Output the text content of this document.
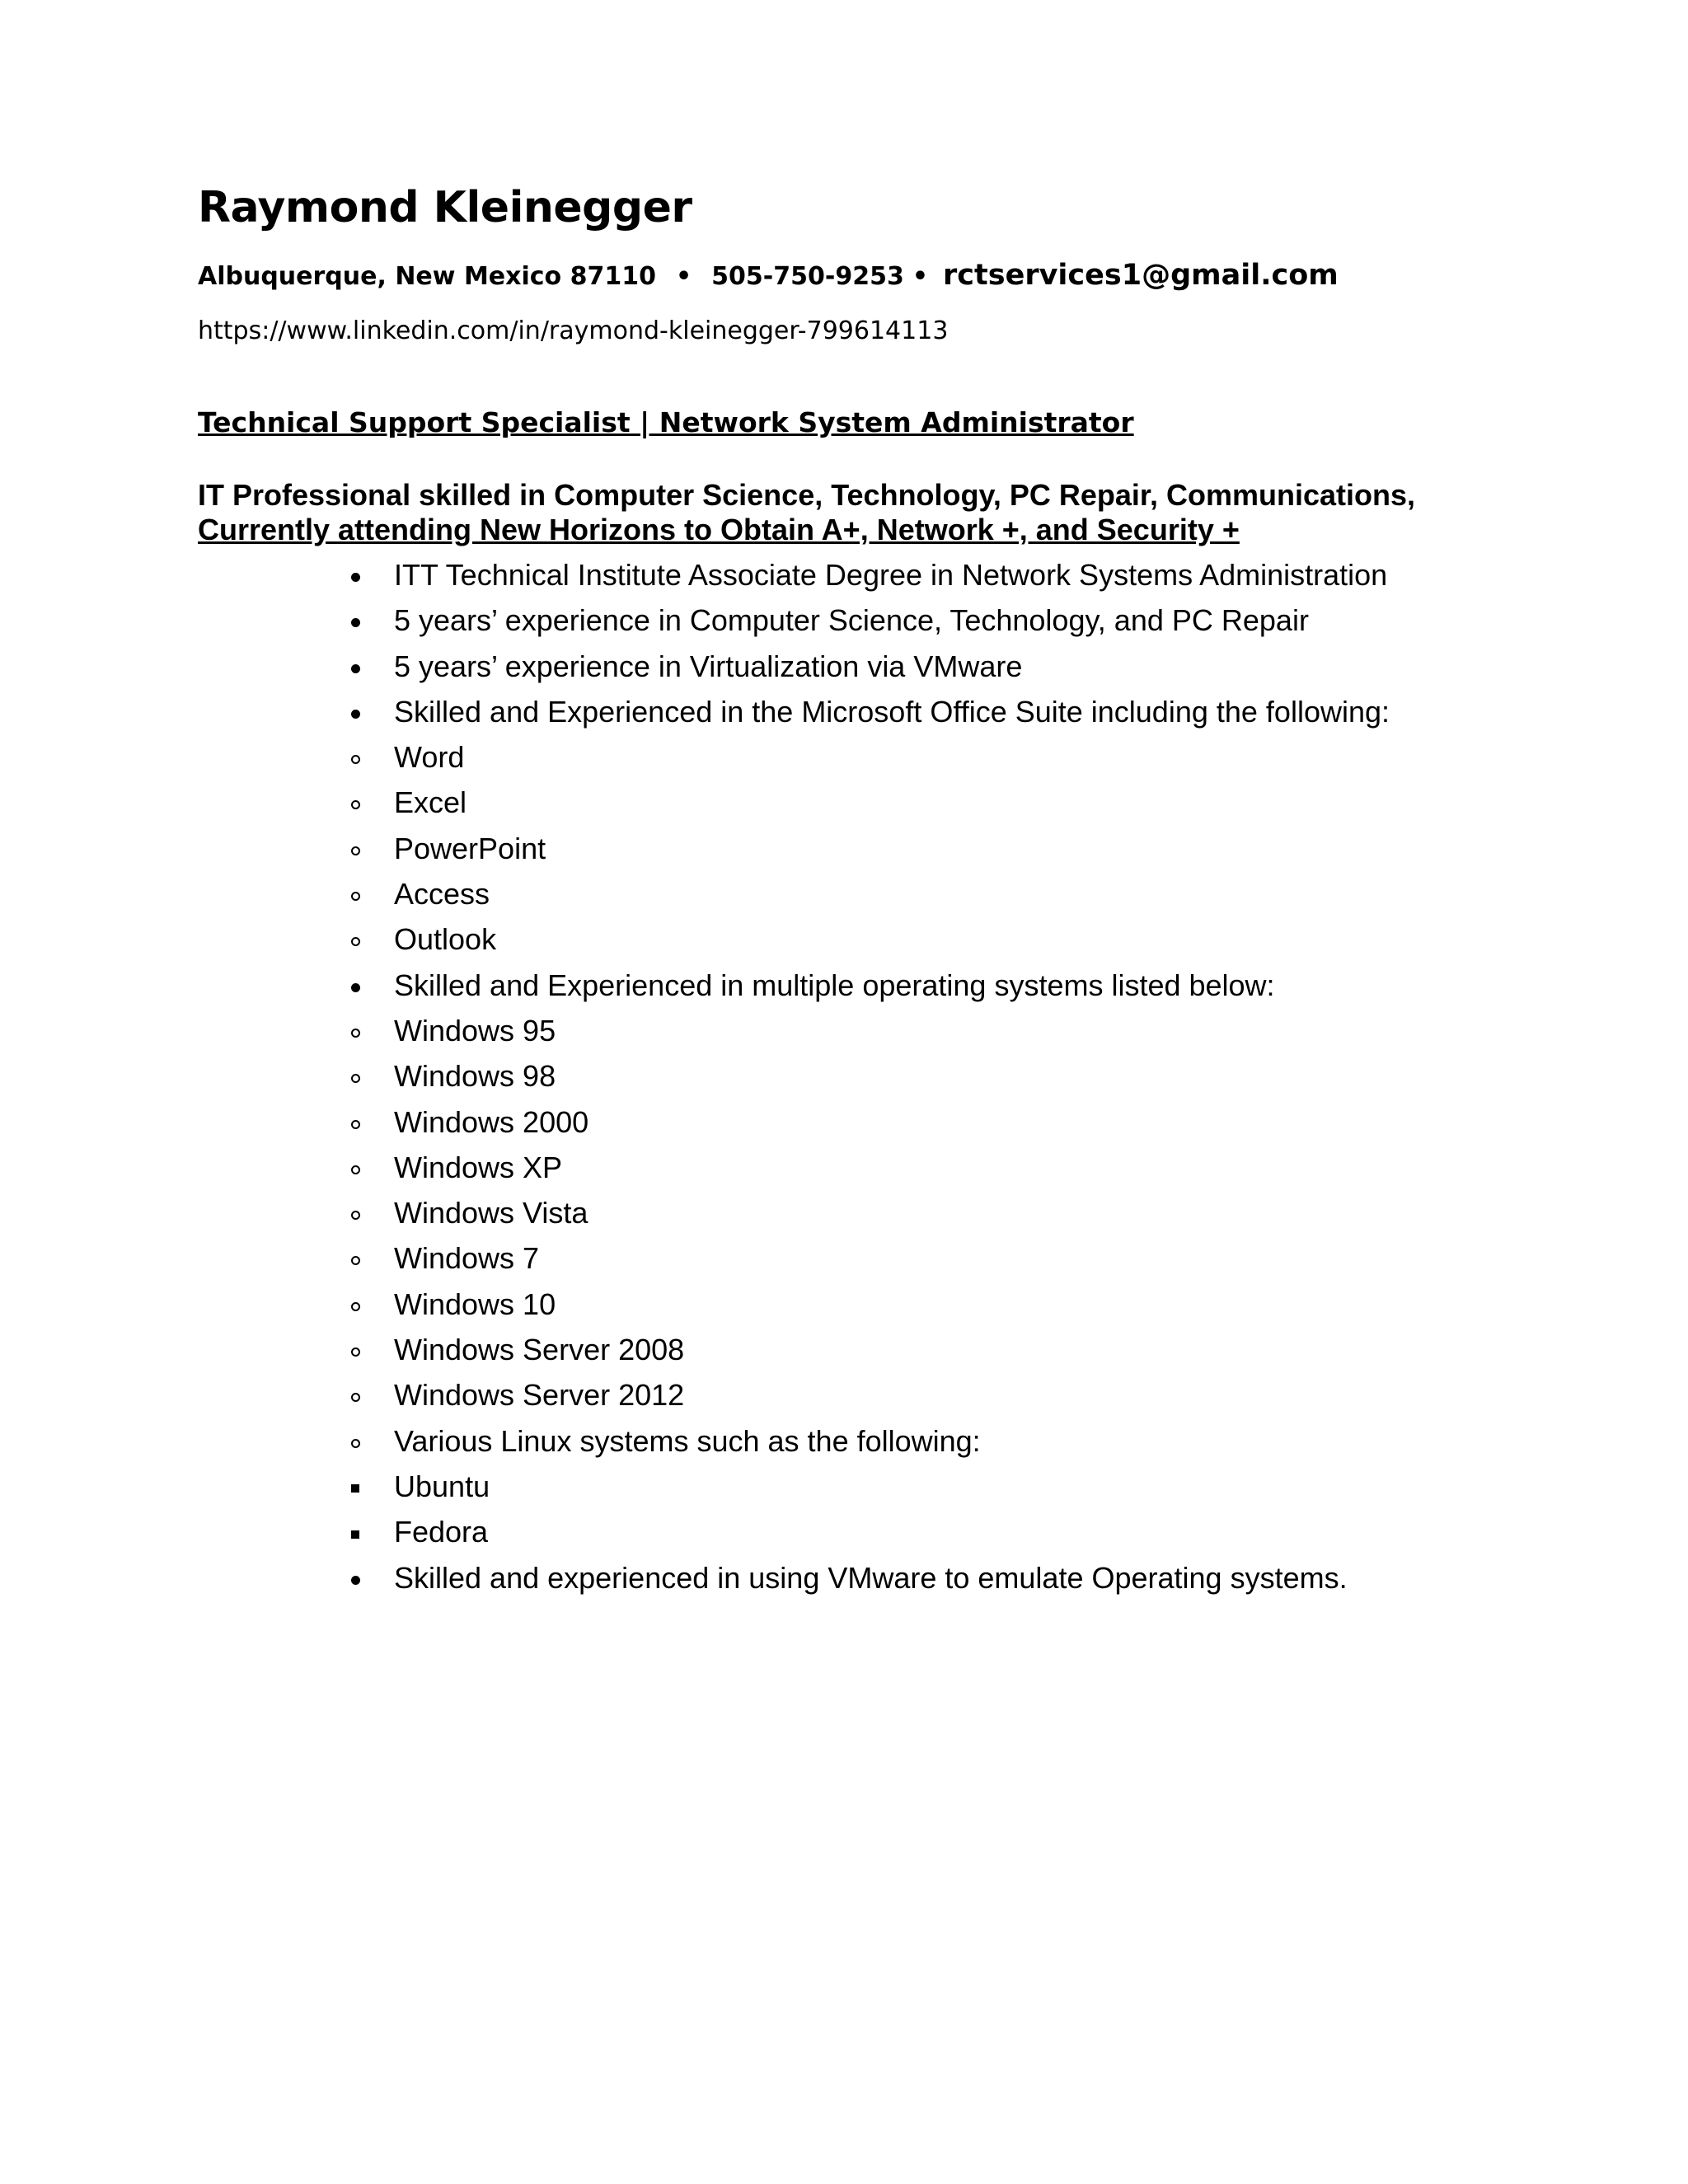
Raymond Kleinegger
Albuquerque, New Mexico 87110 • 505-750-9253 • rctservices1@gmail.com
https://www.linkedin.com/in/raymond-kleinegger-799614113
Technical Support Specialist | Network System Administrator
IT Professional skilled in Computer Science, Technology, PC Repair, Communications,
Currently attending New Horizons to Obtain A+, Network +, and Security +
ITT Technical Institute Associate Degree in Network Systems Administration
5 years’ experience in Computer Science, Technology, and PC Repair
5 years’ experience in Virtualization via VMware
Skilled and Experienced in the Microsoft Office Suite including the following:
Word
Excel
PowerPoint
Access
Outlook
Skilled and Experienced in multiple operating systems listed below:
Windows 95
Windows 98
Windows 2000
Windows XP
Windows Vista
Windows 7
Windows 10
Windows Server 2008
Windows Server 2012
Various Linux systems such as the following:
Ubuntu
Fedora
Skilled and experienced in using VMware to emulate Operating systems.
